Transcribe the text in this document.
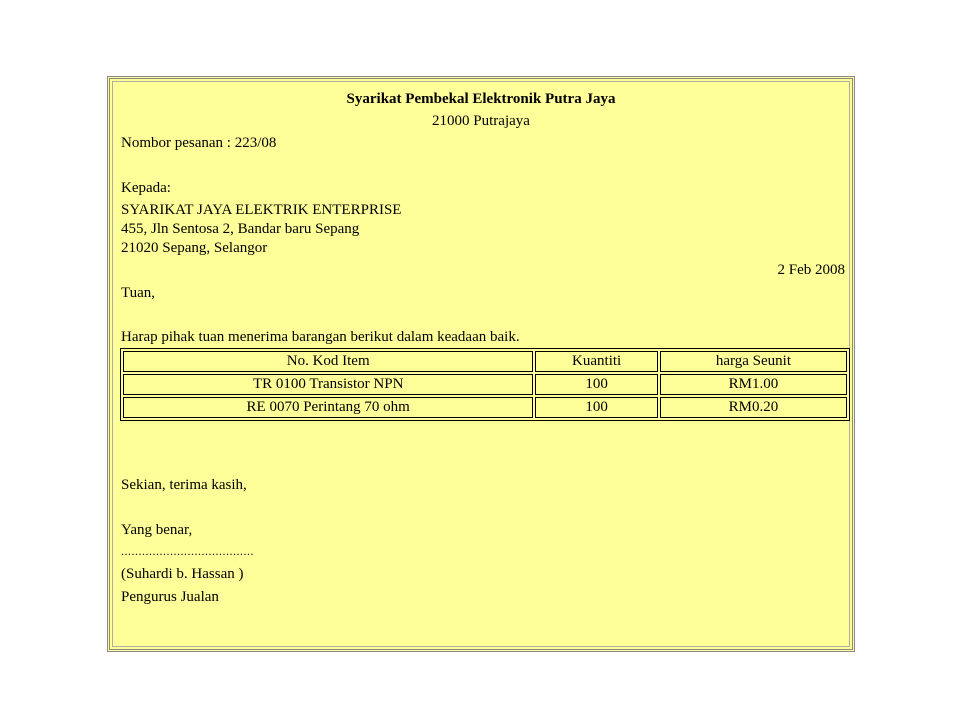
Syarikat Pembekal Elektronik Putra Jaya
21000 Putrajaya
Nombor pesanan : 223/08
Kepada:
SYARIKAT JAYA ELEKTRIK ENTERPRISE
455, Jln Sentosa 2, Bandar baru Sepang
21020 Sepang, Selangor
2 Feb 2008
Tuan,
Harap pihak tuan menerima barangan berikut dalam keadaan baik.
No. Kod Item	Kuantiti	harga Seunit
TR 0100 Transistor NPN	100	RM1.00
RE 0070 Perintang 70 ohm	100	RM0.20
Sekian, terima kasih,
Yang benar,
......................................
(Suhardi b. Hassan )
Pengurus Jualan
